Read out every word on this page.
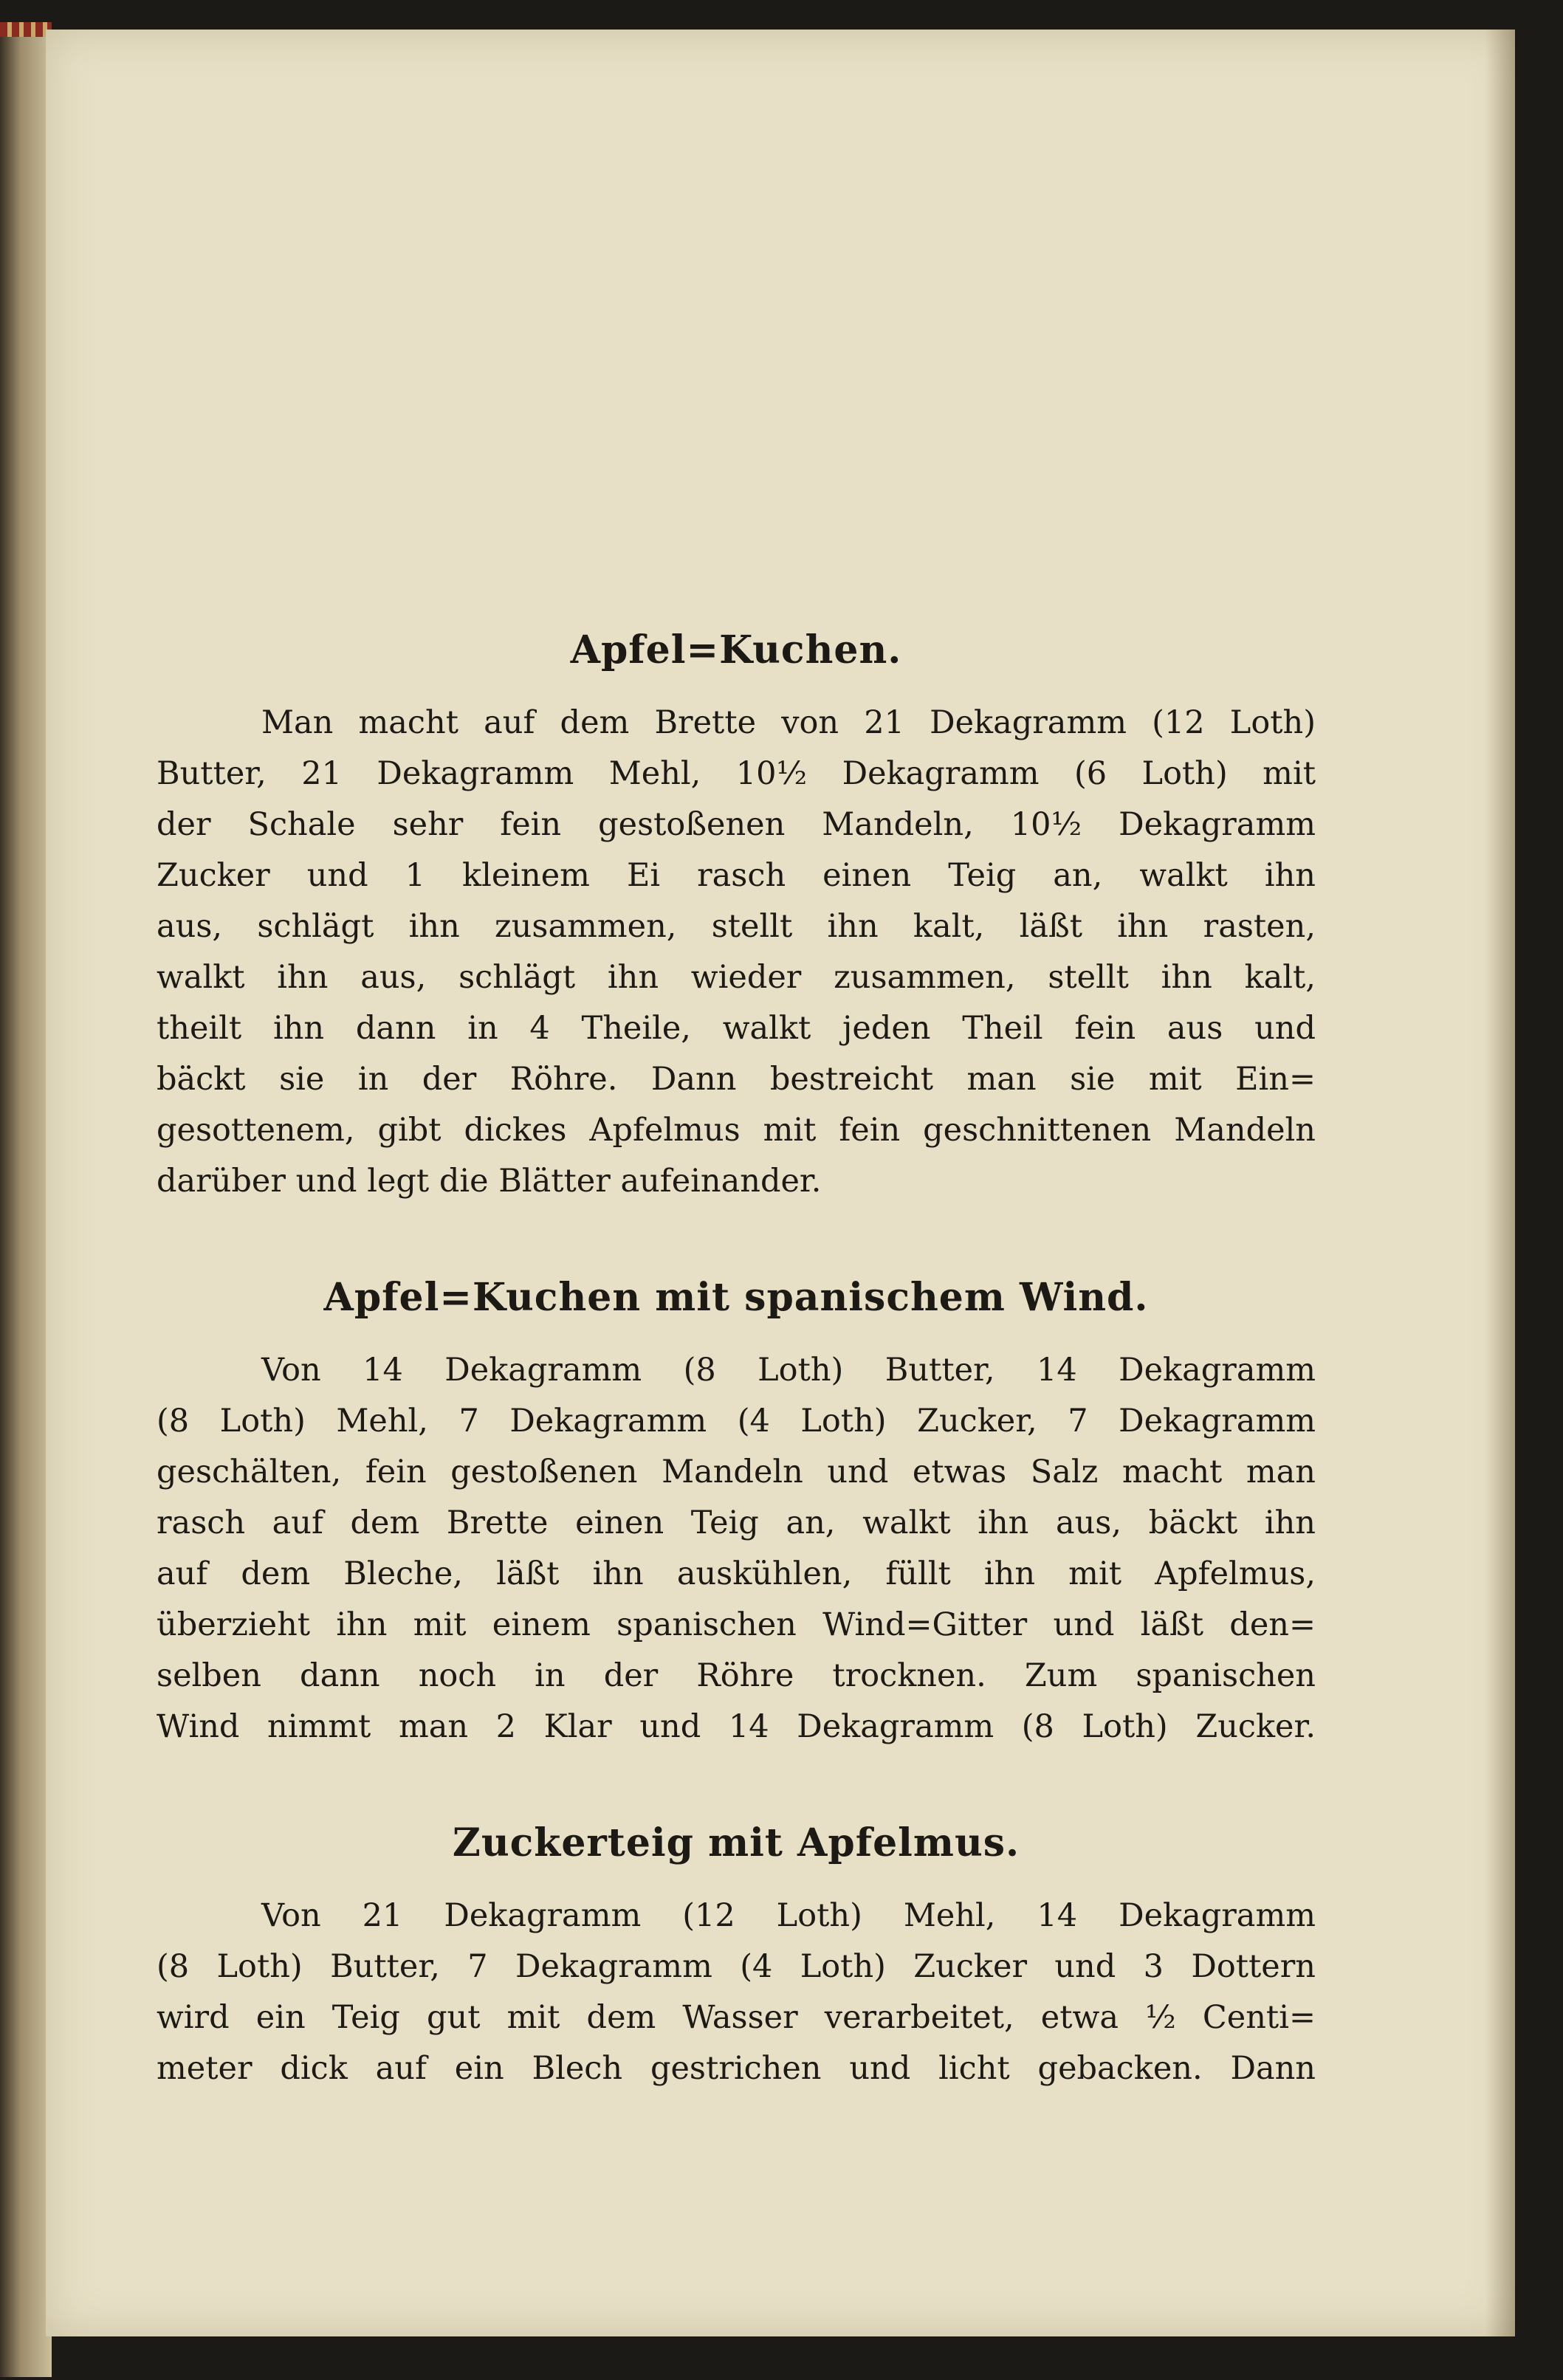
Apfel=Kuchen.
Man macht auf dem Brette von 21 Dekagramm (12 Loth)
Butter, 21 Dekagramm Mehl, 10½ Dekagramm (6 Loth) mit
der Schale sehr fein gestoßenen Mandeln, 10½ Dekagramm
Zucker und 1 kleinem Ei rasch einen Teig an, walkt ihn
aus, schlägt ihn zusammen, stellt ihn kalt, läßt ihn rasten,
walkt ihn aus, schlägt ihn wieder zusammen, stellt ihn kalt,
theilt ihn dann in 4 Theile, walkt jeden Theil fein aus und
bäckt sie in der Röhre. Dann bestreicht man sie mit Ein=
gesottenem, gibt dickes Apfelmus mit fein geschnittenen Mandeln
darüber und legt die Blätter aufeinander.
Apfel=Kuchen mit spanischem Wind.
Von 14 Dekagramm (8 Loth) Butter, 14 Dekagramm
(8 Loth) Mehl, 7 Dekagramm (4 Loth) Zucker, 7 Dekagramm
geschälten, fein gestoßenen Mandeln und etwas Salz macht man
rasch auf dem Brette einen Teig an, walkt ihn aus, bäckt ihn
auf dem Bleche, läßt ihn auskühlen, füllt ihn mit Apfelmus,
überzieht ihn mit einem spanischen Wind=Gitter und läßt den=
selben dann noch in der Röhre trocknen. Zum spanischen
Wind nimmt man 2 Klar und 14 Dekagramm (8 Loth) Zucker.
Zuckerteig mit Apfelmus.
Von 21 Dekagramm (12 Loth) Mehl, 14 Dekagramm
(8 Loth) Butter, 7 Dekagramm (4 Loth) Zucker und 3 Dottern
wird ein Teig gut mit dem Wasser verarbeitet, etwa ½ Centi=
meter dick auf ein Blech gestrichen und licht gebacken. Dann
